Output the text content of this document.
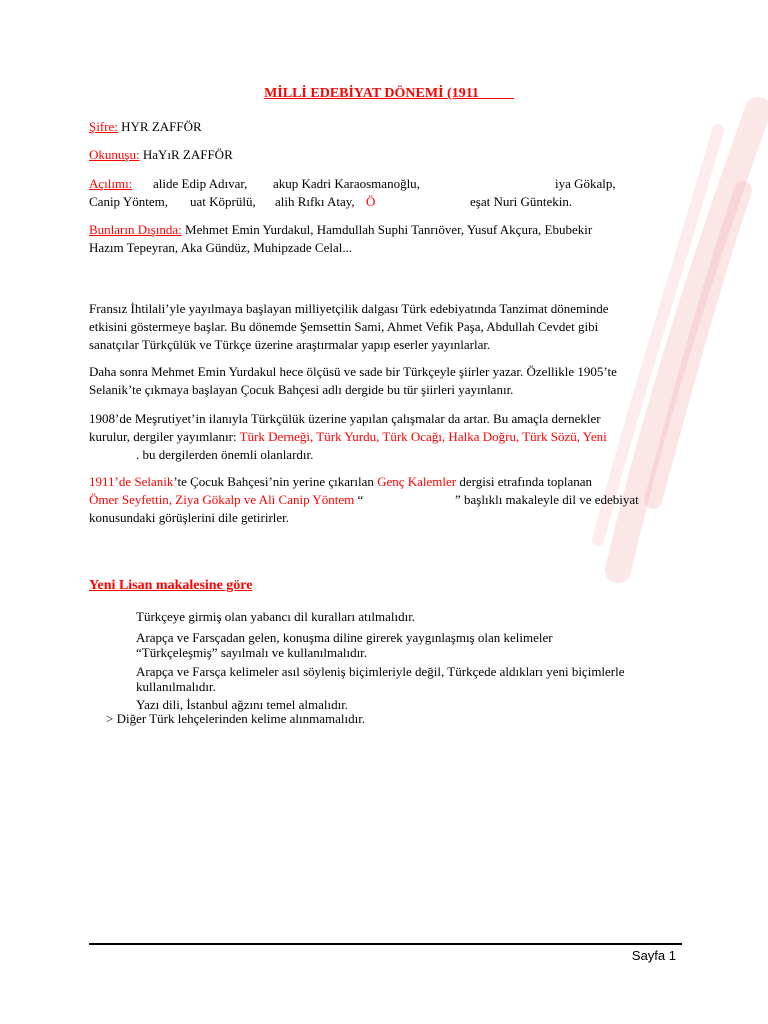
MİLLİ EDEBİYAT DÖNEMİ (1911_____
Şifre: HYR ZAFFÖR
Okunuşu: HaYıR ZAFFÖR
Açılımı: alide Edip Adıvar, akup Kadri Karaosmanoğlu,	iya Gökalp,
Canip Yöntem, uat Köprülü, alih Rıfkı Atay, Ö	eşat Nuri Güntekin.
Bunların Dışında: Mehmet Emin Yurdakul, Hamdullah Suphi Tanrıöver, Yusuf Akçura, Ebubekir
Hazım Tepeyran, Aka Gündüz, Muhipzade Celal...
Fransız İhtilali’yle yayılmaya başlayan milliyetçilik dalgası Türk edebiyatında Tanzimat döneminde
etkisini göstermeye başlar. Bu dönemde Şemsettin Sami, Ahmet Vefik Paşa, Abdullah Cevdet gibi
sanatçılar Türkçülük ve Türkçe üzerine araştırmalar yapıp eserler yayınlarlar.
Daha sonra Mehmet Emin Yurdakul hece ölçüsü ve sade bir Türkçeyle şiirler yazar. Özellikle 1905’te
Selanik’te çıkmaya başlayan Çocuk Bahçesi adlı dergide bu tür şiirleri yayınlanır.
1908’de Meşrutiyet’in ilanıyla Türkçülük üzerine yapılan çalışmalar da artar. Bu amaçla dernekler
kurulur, dergiler yayımlanır: Türk Derneği, Türk Yurdu, Türk Ocağı, Halka Doğru, Türk Sözü, Yeni
. bu dergilerden önemli olanlardır.
1911’de Selanik’te Çocuk Bahçesi’nin yerine çıkarılan Genç Kalemler dergisi etrafında toplanan
Ömer Seyfettin, Ziya Gökalp ve Ali Canip Yöntem “	” başlıklı makaleyle dil ve edebiyat
konusundaki görüşlerini dile getirirler.
Yeni Lisan makalesine göre
Türkçeye girmiş olan yabancı dil kuralları atılmalıdır.
Arapça ve Farsçadan gelen, konuşma diline girerek yaygınlaşmış olan kelimeler
“Türkçeleşmiş” sayılmalı ve kullanılmalıdır.
Arapça ve Farsça kelimeler asıl söyleniş biçimleriyle değil, Türkçede aldıkları yeni biçimlerle
kullanılmalıdır.
Yazı dili, İstanbul ağzını temel almalıdır.
> Diğer Türk lehçelerinden kelime alınmamalıdır.
Sayfa 1
